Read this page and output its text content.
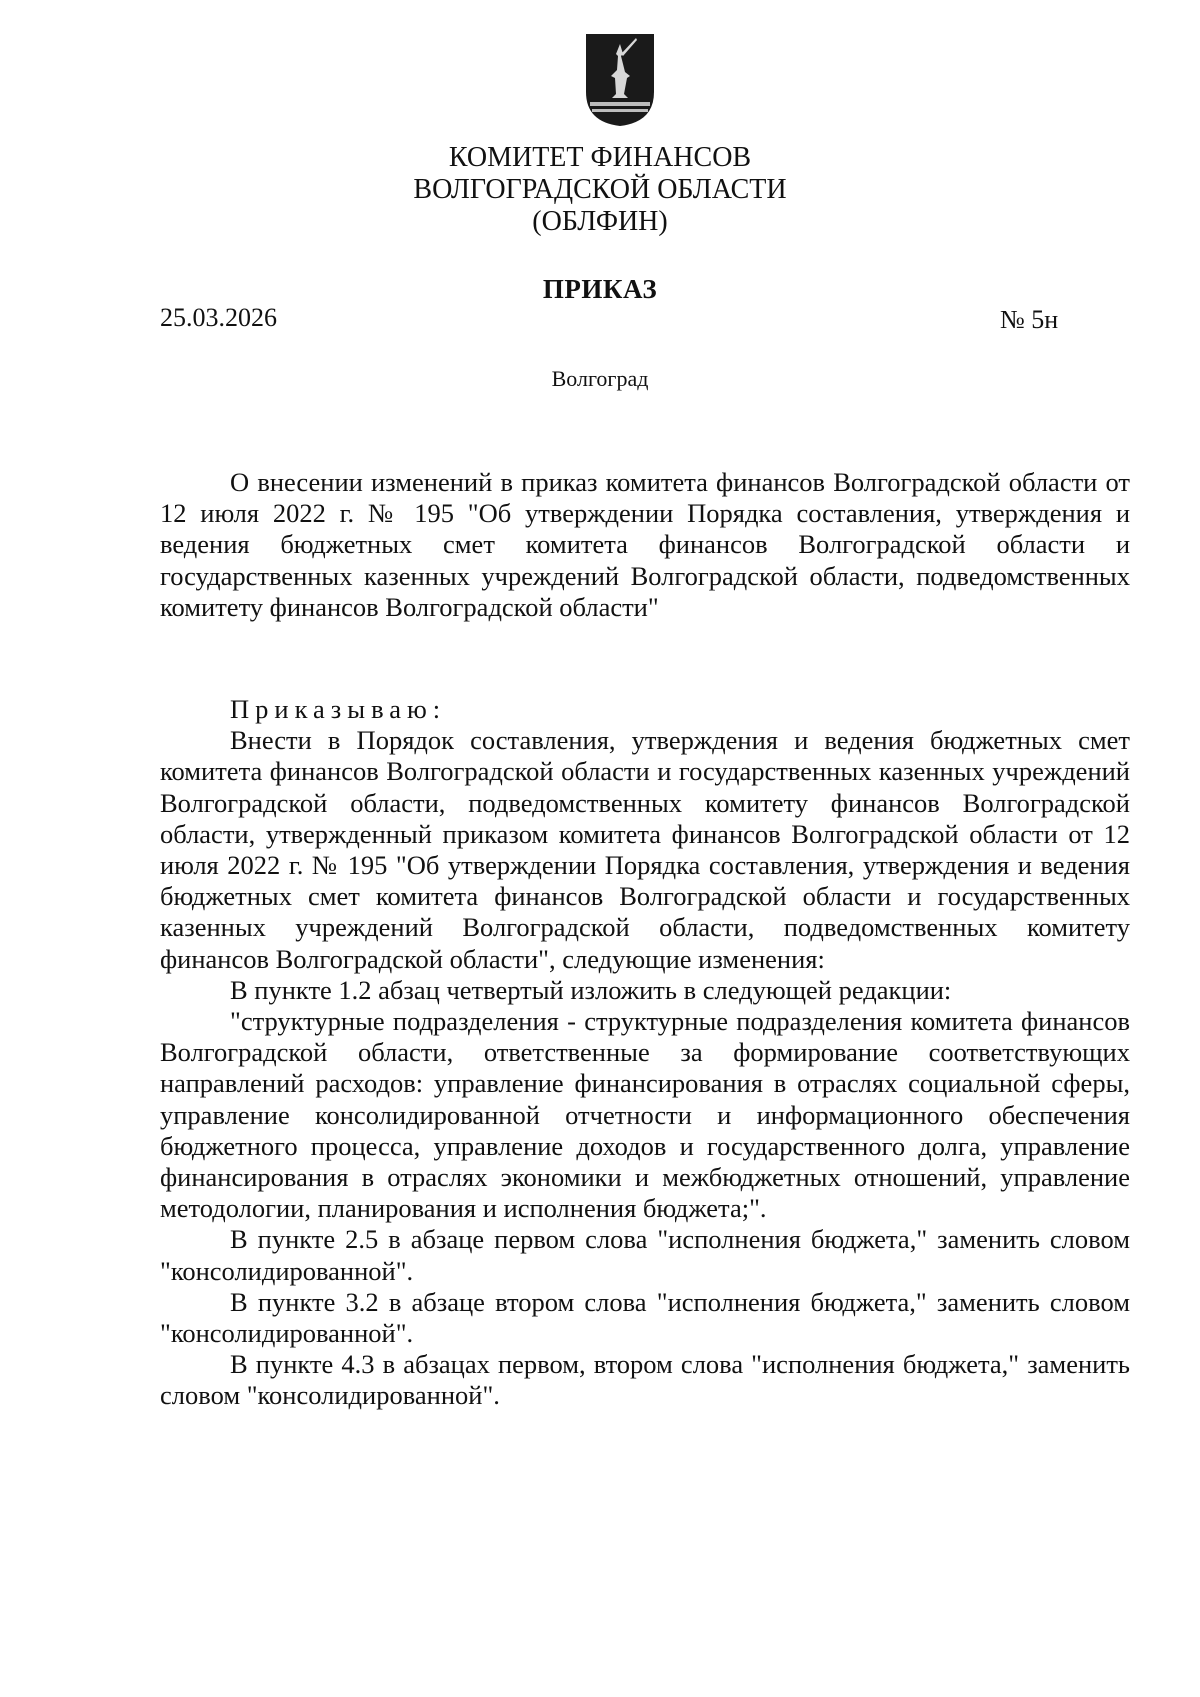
КОМИТЕТ ФИНАНСОВ
ВОЛГОГРАДСКОЙ ОБЛАСТИ
(ОБЛФИН)
ПРИКАЗ
25.03.2026	№ 5н
Волгоград

О внесении изменений в приказ комитета финансов Волгоградской области от 12 июля 2022 г. № 195 "Об утверждении Порядка составления, утверждения и ведения бюджетных смет комитета финансов Волгоградской области и государственных казенных учреждений Волгоградской области, подведомственных комитету финансов Волгоградской области"

Приказываю:

Внести в Порядок составления, утверждения и ведения бюджетных смет комитета финансов Волгоградской области и государственных казенных учреждений Волгоградской области, подведомственных комитету финансов Волгоградской области, утвержденный приказом комитета финансов Волгоградской области от 12 июля 2022 г. № 195 "Об утверждении Порядка составления, утверждения и ведения бюджетных смет комитета финансов Волгоградской области и государственных казенных учреждений Волгоградской области, подведомственных комитету финансов Волгоградской области", следующие изменения:

В пункте 1.2 абзац четвертый изложить в следующей редакции:

"структурные подразделения - структурные подразделения комитета финансов Волгоградской области, ответственные за формирование соответствующих направлений расходов: управление финансирования в отраслях социальной сферы, управление консолидированной отчетности и информационного обеспечения бюджетного процесса, управление доходов и государственного долга, управление финансирования в отраслях экономики и межбюджетных отношений, управление методологии, планирования и исполнения бюджета;".

В пункте 2.5 в абзаце первом слова "исполнения бюджета," заменить словом "консолидированной".

В пункте 3.2 в абзаце втором слова "исполнения бюджета," заменить словом "консолидированной".

В пункте 4.3 в абзацах первом, втором слова "исполнения бюджета," заменить словом "консолидированной".
